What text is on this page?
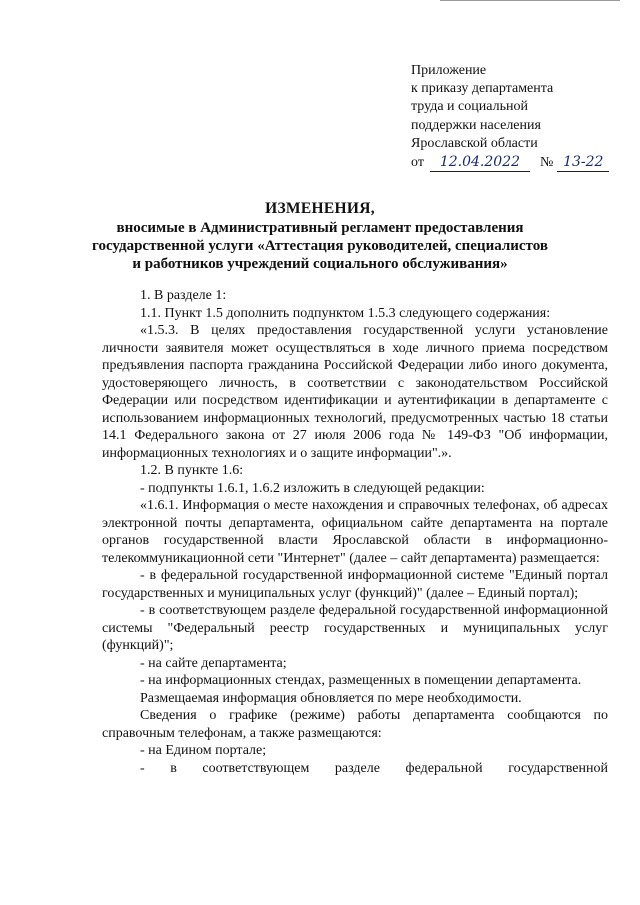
Приложение
к приказу департамента
труда и социальной
поддержки населения
Ярославской области
от 12.04.2022 № 13-22
ИЗМЕНЕНИЯ,
вносимые в Административный регламент предоставления
государственной услуги «Аттестация руководителей, специалистов
и работников учреждений социального обслуживания»
1. В разделе 1:
1.1. Пункт 1.5 дополнить подпунктом 1.5.3 следующего содержания:
«1.5.3. В целях предоставления государственной услуги установление личности заявителя может осуществляться в ходе личного приема посредством предъявления паспорта гражданина Российской Федерации либо иного документа, удостоверяющего личность, в соответствии с законодательством Российской Федерации или посредством идентификации и аутентификации в департаменте с использованием информационных технологий, предусмотренных частью 18 статьи 14.1 Федерального закона от 27 июля 2006 года № 149-ФЗ "Об информации, информационных технологиях и о защите информации".».
1.2. В пункте 1.6:
- подпункты 1.6.1, 1.6.2 изложить в следующей редакции:
«1.6.1. Информация о месте нахождения и справочных телефонах, об адресах электронной почты департамента, официальном сайте департамента на портале органов государственной власти Ярославской области в информационно-телекоммуникационной сети "Интернет" (далее – сайт департамента) размещается:
- в федеральной государственной информационной системе "Единый портал государственных и муниципальных услуг (функций)" (далее – Единый портал);
- в соответствующем разделе федеральной государственной информационной системы "Федеральный реестр государственных и муниципальных услуг (функций)";
- на сайте департамента;
- на информационных стендах, размещенных в помещении департамента.
Размещаемая информация обновляется по мере необходимости.
Сведения о графике (режиме) работы департамента сообщаются по справочным телефонам, а также размещаются:
- на Едином портале;
- в соответствующем разделе федеральной государственной
